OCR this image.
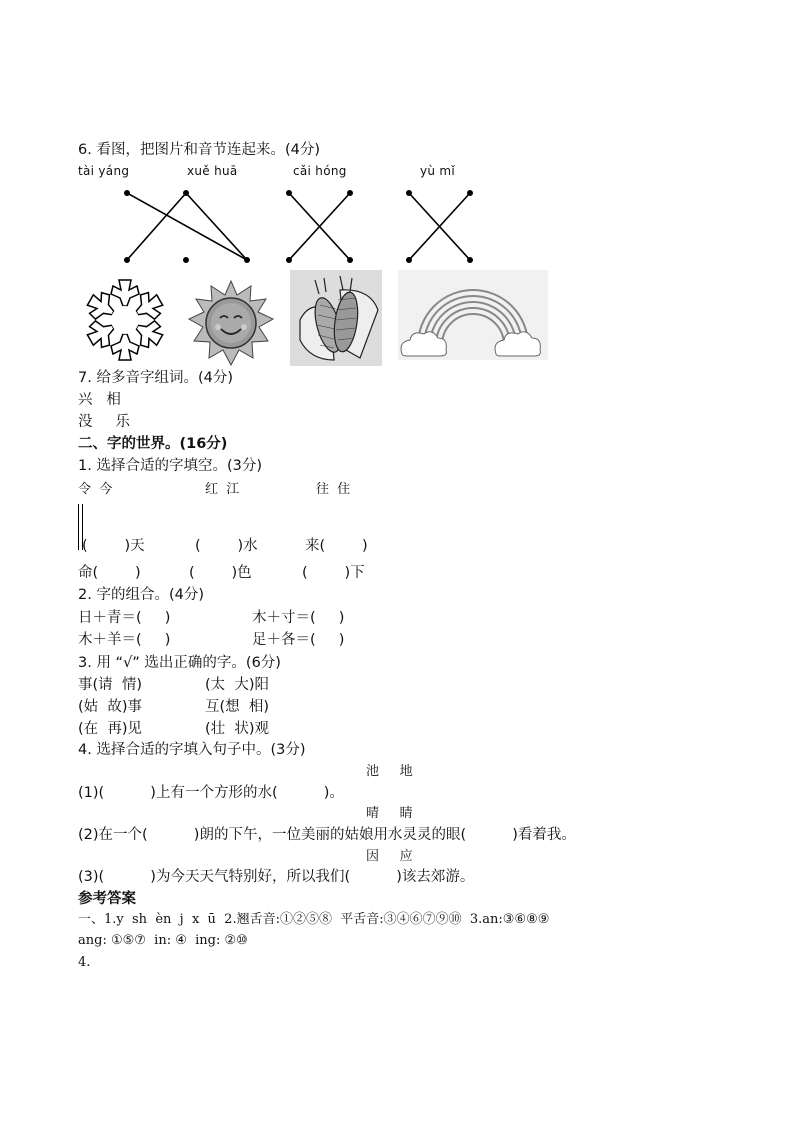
6. 看图，把图片和音节连起来。(4分)
tài yáng	xuě huā	cǎi hóng	yù mǐ
7. 给多音字组词。(4分)
兴   相
没     乐
二、字的世界。(16分)
1. 选择合适的字填空。(3分)
令  今	红  江	往  住
(        )天	(        )水	来(        )
命(        )	(        )色	(        )下
2. 字的组合。(4分)
日＋青＝(     )	木＋寸＝(     )
木＋羊＝(     )	足＋各＝(     )
3. 用 “√” 选出正确的字。(6分)
事(请  情)	(太  大)阳
(姑  故)事	互(想  相)
(在  再)见	(壮  状)观
4. 选择合适的字填入句子中。(3分)
池     地
(1)(          )上有一个方形的水(          )。
晴     睛
(2)在一个(          )朗的下午，一位美丽的姑娘用水灵灵的眼(          )看着我。
因     应
(3)(          )为今天天气特别好，所以我们(          )该去郊游。
参考答案
一、1.y  sh  èn  j  x  ū  2.翘舌音:①②⑤⑧  平舌音:③④⑥⑦⑨⑩  3.an:③⑥⑧⑨
ang: ①⑤⑦  in: ④  ing: ②⑩
4.
